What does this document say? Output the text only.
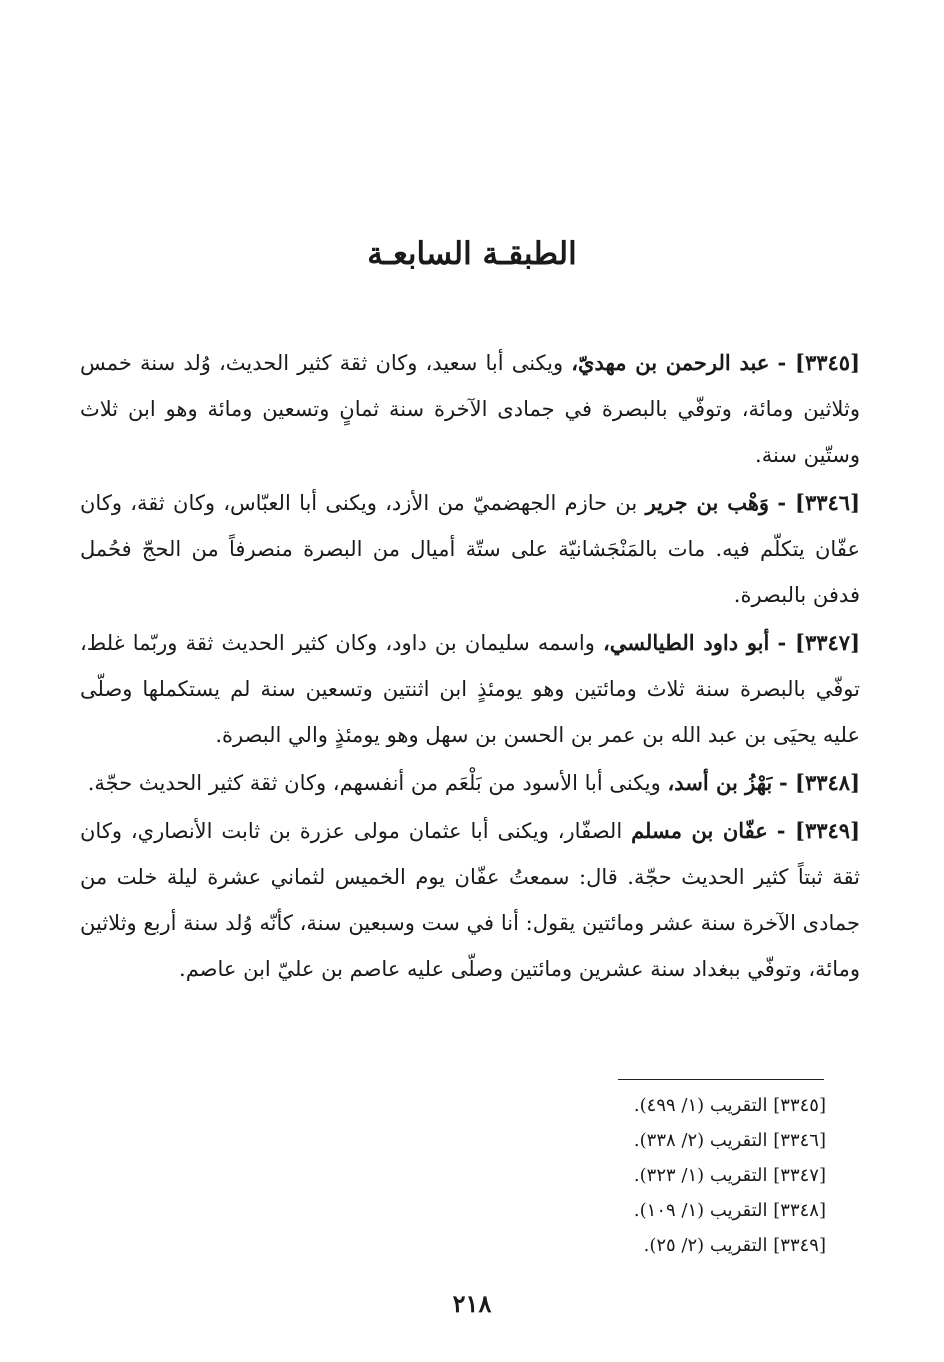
الطبقـة السابعـة

[٣٣٤٥] - عبد الرحمن بن مهديّ، ويكنى أبا سعيد، وكان ثقة كثير الحديث، وُلد سنة خمس وثلاثين ومائة، وتوفّي بالبصرة في جمادى الآخرة سنة ثمانٍ وتسعين ومائة وهو ابن ثلاث وستّين سنة.

[٣٣٤٦] - وَهْب بن جرير بن حازم الجهضميّ من الأزد، ويكنى أبا العبّاس، وكان ثقة، وكان عفّان يتكلّم فيه. مات بالمَنْجَشانيّة على ستّة أميال من البصرة منصرفاً من الحجّ فحُمل فدفن بالبصرة.

[٣٣٤٧] - أبو داود الطيالسي، واسمه سليمان بن داود، وكان كثير الحديث ثقة وربّما غلط، توفّي بالبصرة سنة ثلاث ومائتين وهو يومئذٍ ابن اثنتين وتسعين سنة لم يستكملها وصلّى عليه يحيَى بن عبد الله بن عمر بن الحسن بن سهل وهو يومئذٍ والي البصرة.

[٣٣٤٨] - بَهْزُ بن أسد، ويكنى أبا الأسود من بَلْعَم من أنفسهم، وكان ثقة كثير الحديث حجّة.

[٣٣٤٩] - عفّان بن مسلم الصفّار، ويكنى أبا عثمان مولى عزرة بن ثابت الأنصاري، وكان ثقة ثبتاً كثير الحديث حجّة. قال: سمعتُ عفّان يوم الخميس لثماني عشرة ليلة خلت من جمادى الآخرة سنة عشر ومائتين يقول: أنا في ست وسبعين سنة، كأنّه وُلد سنة أربع وثلاثين ومائة، وتوفّي ببغداد سنة عشرين ومائتين وصلّى عليه عاصم بن عليّ ابن عاصم.

[٣٣٤٥] التقريب (١/ ٤٩٩).
[٣٣٤٦] التقريب (٢/ ٣٣٨).
[٣٣٤٧] التقريب (١/ ٣٢٣).
[٣٣٤٨] التقريب (١/ ١٠٩).
[٣٣٤٩] التقريب (٢/ ٢٥).
٢١٨
